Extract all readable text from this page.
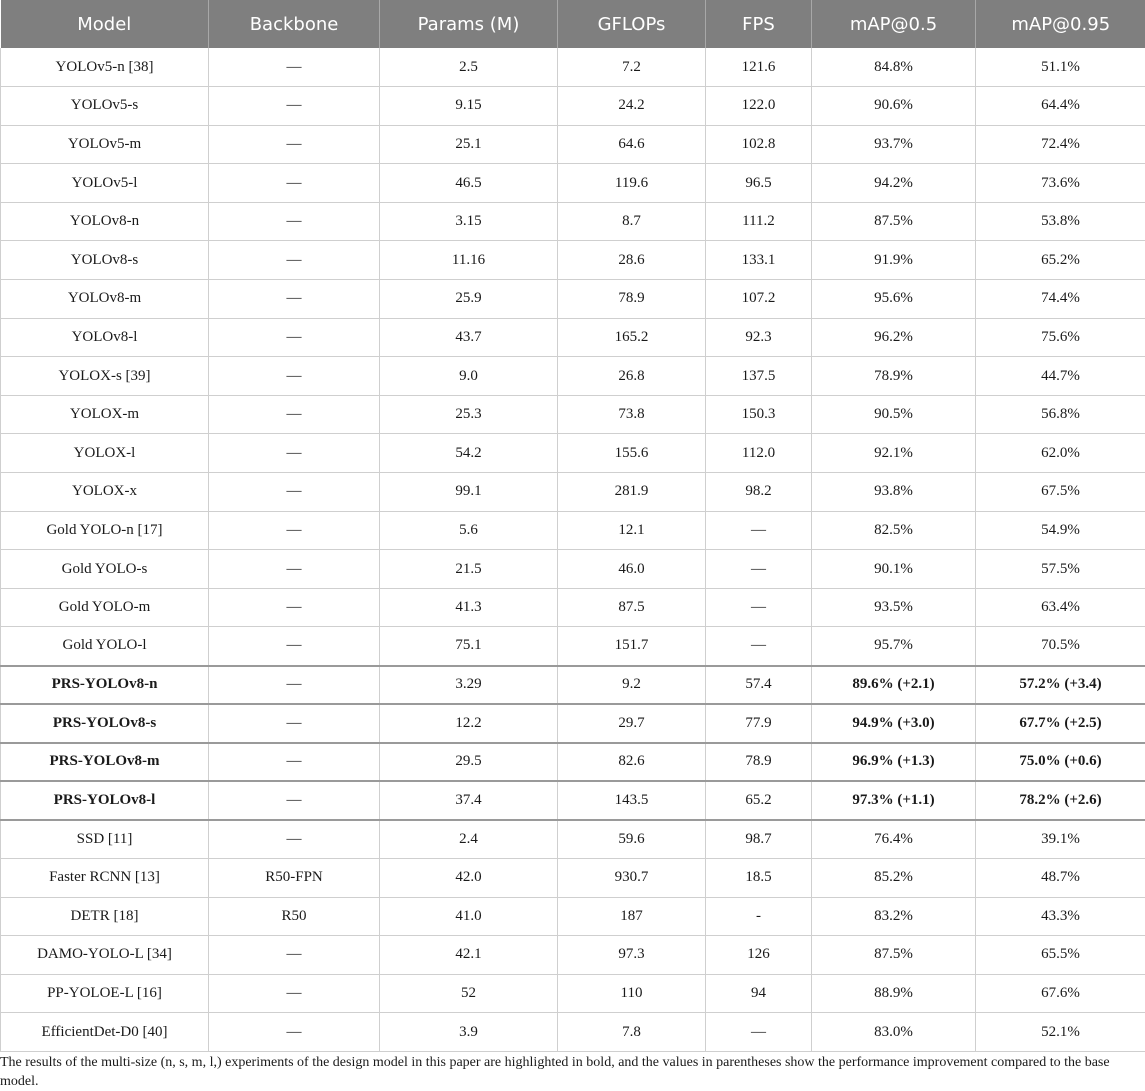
Model	Backbone	Params (M)	GFLOPs	FPS	mAP@0.5	mAP@0.95
YOLOv5-n [38]	—	2.5	7.2	121.6	84.8%	51.1%
YOLOv5-s	—	9.15	24.2	122.0	90.6%	64.4%
YOLOv5-m	—	25.1	64.6	102.8	93.7%	72.4%
YOLOv5-l	—	46.5	119.6	96.5	94.2%	73.6%
YOLOv8-n	—	3.15	8.7	111.2	87.5%	53.8%
YOLOv8-s	—	11.16	28.6	133.1	91.9%	65.2%
YOLOv8-m	—	25.9	78.9	107.2	95.6%	74.4%
YOLOv8-l	—	43.7	165.2	92.3	96.2%	75.6%
YOLOX-s [39]	—	9.0	26.8	137.5	78.9%	44.7%
YOLOX-m	—	25.3	73.8	150.3	90.5%	56.8%
YOLOX-l	—	54.2	155.6	112.0	92.1%	62.0%
YOLOX-x	—	99.1	281.9	98.2	93.8%	67.5%
Gold YOLO-n [17]	—	5.6	12.1	—	82.5%	54.9%
Gold YOLO-s	—	21.5	46.0	—	90.1%	57.5%
Gold YOLO-m	—	41.3	87.5	—	93.5%	63.4%
Gold YOLO-l	—	75.1	151.7	—	95.7%	70.5%
PRS-YOLOv8-n	—	3.29	9.2	57.4	89.6% (+2.1)	57.2% (+3.4)
PRS-YOLOv8-s	—	12.2	29.7	77.9	94.9% (+3.0)	67.7% (+2.5)
PRS-YOLOv8-m	—	29.5	82.6	78.9	96.9% (+1.3)	75.0% (+0.6)
PRS-YOLOv8-l	—	37.4	143.5	65.2	97.3% (+1.1)	78.2% (+2.6)
SSD [11]	—	2.4	59.6	98.7	76.4%	39.1%
Faster RCNN [13]	R50-FPN	42.0	930.7	18.5	85.2%	48.7%
DETR [18]	R50	41.0	187	-	83.2%	43.3%
DAMO-YOLO-L [34]	—	42.1	97.3	126	87.5%	65.5%
PP-YOLOE-L [16]	—	52	110	94	88.9%	67.6%
EfficientDet-D0 [40]	—	3.9	7.8	—	83.0%	52.1%

The results of the multi-size (n, s, m, l,) experiments of the design model in this paper are highlighted in bold, and the values in parentheses show the performance improvement compared to the base model.
